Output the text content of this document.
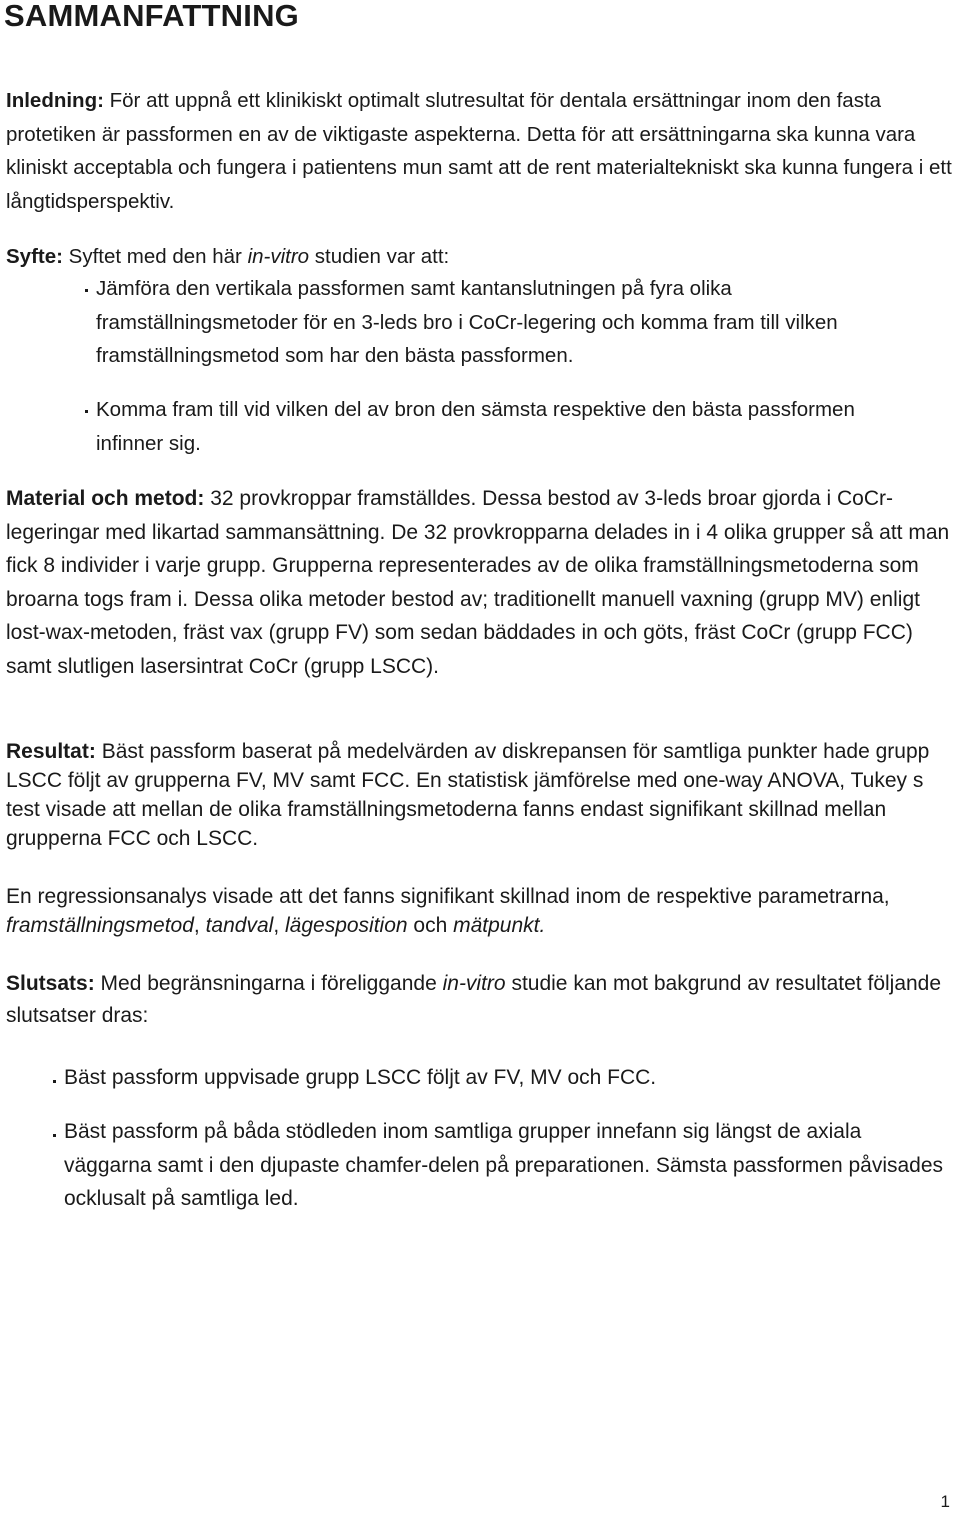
SAMMANFATTNING

Inledning: För att uppnå ett klinikiskt optimalt slutresultat för dentala ersättningar inom den fasta protetiken är passformen en av de viktigaste aspekterna. Detta för att ersättningarna ska kunna vara kliniskt acceptabla och fungera i patientens mun samt att de rent materialtekniskt ska kunna fungera i ett långtidsperspektiv.

Syfte: Syftet med den här in-vitro studien var att:

Jämföra den vertikala passformen samt kantanslutningen på fyra olika framställningsmetoder för en 3-leds bro i CoCr-legering och komma fram till vilken framställningsmetod som har den bästa passformen.
Komma fram till vid vilken del av bron den sämsta respektive den bästa passformen infinner sig.

Material och metod: 32 provkroppar framställdes. Dessa bestod av 3-leds broar gjorda i CoCr-legeringar med likartad sammansättning. De 32 provkropparna delades in i 4 olika grupper så att man fick 8 individer i varje grupp. Grupperna representerades av de olika framställningsmetoderna som broarna togs fram i. Dessa olika metoder bestod av; traditionellt manuell vaxning (grupp MV) enligt lost-wax-metoden, fräst vax (grupp FV) som sedan bäddades in och göts, fräst CoCr (grupp FCC) samt slutligen lasersintrat CoCr (grupp LSCC).

Resultat: Bäst passform baserat på medelvärden av diskrepansen för samtliga punkter hade grupp LSCC följt av grupperna FV, MV samt FCC. En statistisk jämförelse med one-way ANOVA, Tukey s test visade att mellan de olika framställningsmetoderna fanns endast signifikant skillnad mellan grupperna FCC och LSCC.

En regressionsanalys visade att det fanns signifikant skillnad inom de respektive parametrarna, framställningsmetod, tandval, lägesposition och mätpunkt.

Slutsats: Med begränsningarna i föreliggande in-vitro studie kan mot bakgrund av resultatet följande slutsatser dras:

Bäst passform uppvisade grupp LSCC följt av FV, MV och FCC.
Bäst passform på båda stödleden inom samtliga grupper innefann sig längst de axiala väggarna samt i den djupaste chamfer-delen på preparationen. Sämsta passformen påvisades ocklusalt på samtliga led.
1
